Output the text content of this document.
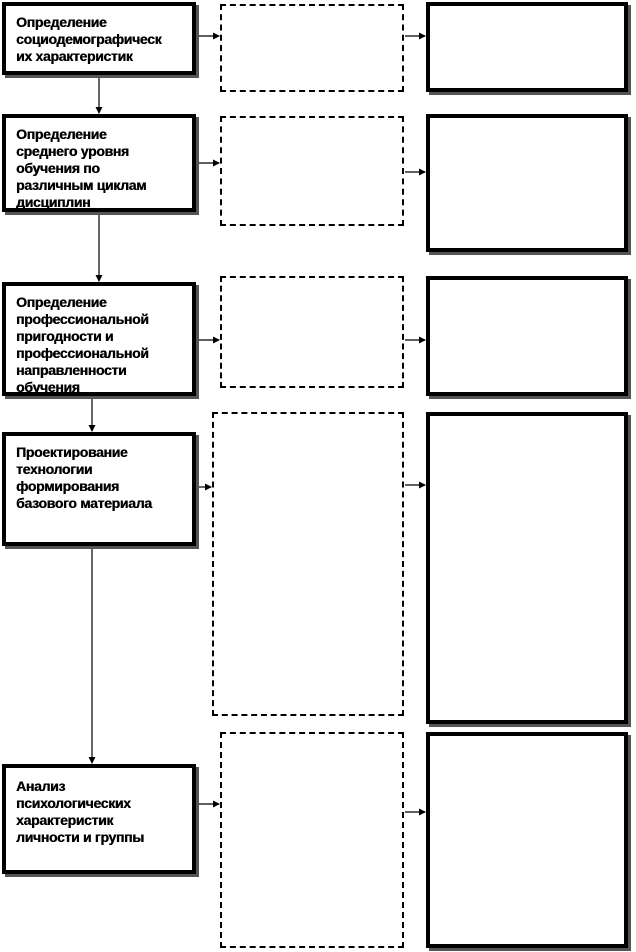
Определение
социодемографическ
их характеристик
Определение
среднего уровня
обучения по
различным циклам
дисциплин
Определение
профессиональной
пригодности и
профессиональной
направленности
обучения
Проектирование
технологии
формирования
базового материала
Анализ
психологических
характеристик
личности и группы
